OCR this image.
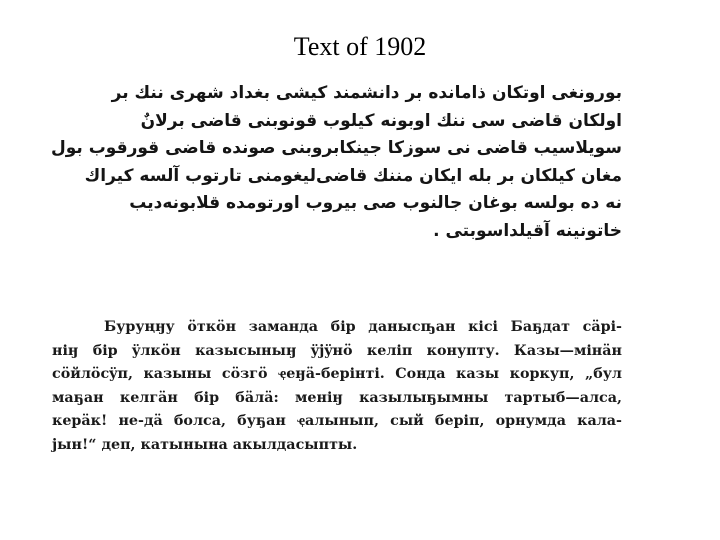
Text of 1902
بورونغی اوتکان ذامانده بر دانشمند کیشی بغداد شهری ننك بر
اولكان قاضی سی ننك اوبونه كيلوب قونوبنی قاضی برلانٌ
سويلاسيب قاضی نی سوزكا جينكابروبنی صونده قاضی قورقوب بول
مغان كيلكان بر بله ايكان مننك قاضی‌ليغومنی تارتوب آلسه كيراك
نه ده بولسه بوغان جالنوب صی بيروب اورتومده قلابونه‌ديب
خاتونینه آقیلداسوبتی .
Буруңӈу öткöн заманда бір данысҧан кісі Баҕдат сäрі-
ніӈ бір ÿлкöн казысыныӈ ÿјÿнö келіп конупту. Казы—мінäн
сöйлöсÿп, казыны сöзгö ҿеӈä-берінті. Сонда казы коркуп, „бул
маҕан келгäн бір бäлä: меніӈ казылыҕымны тартыб—алса,
керäк! не-дä болса, буҕан ҿалынып, сый беріп, орнумда кала-
јын!“ деп, катынына акылдасыпты.
